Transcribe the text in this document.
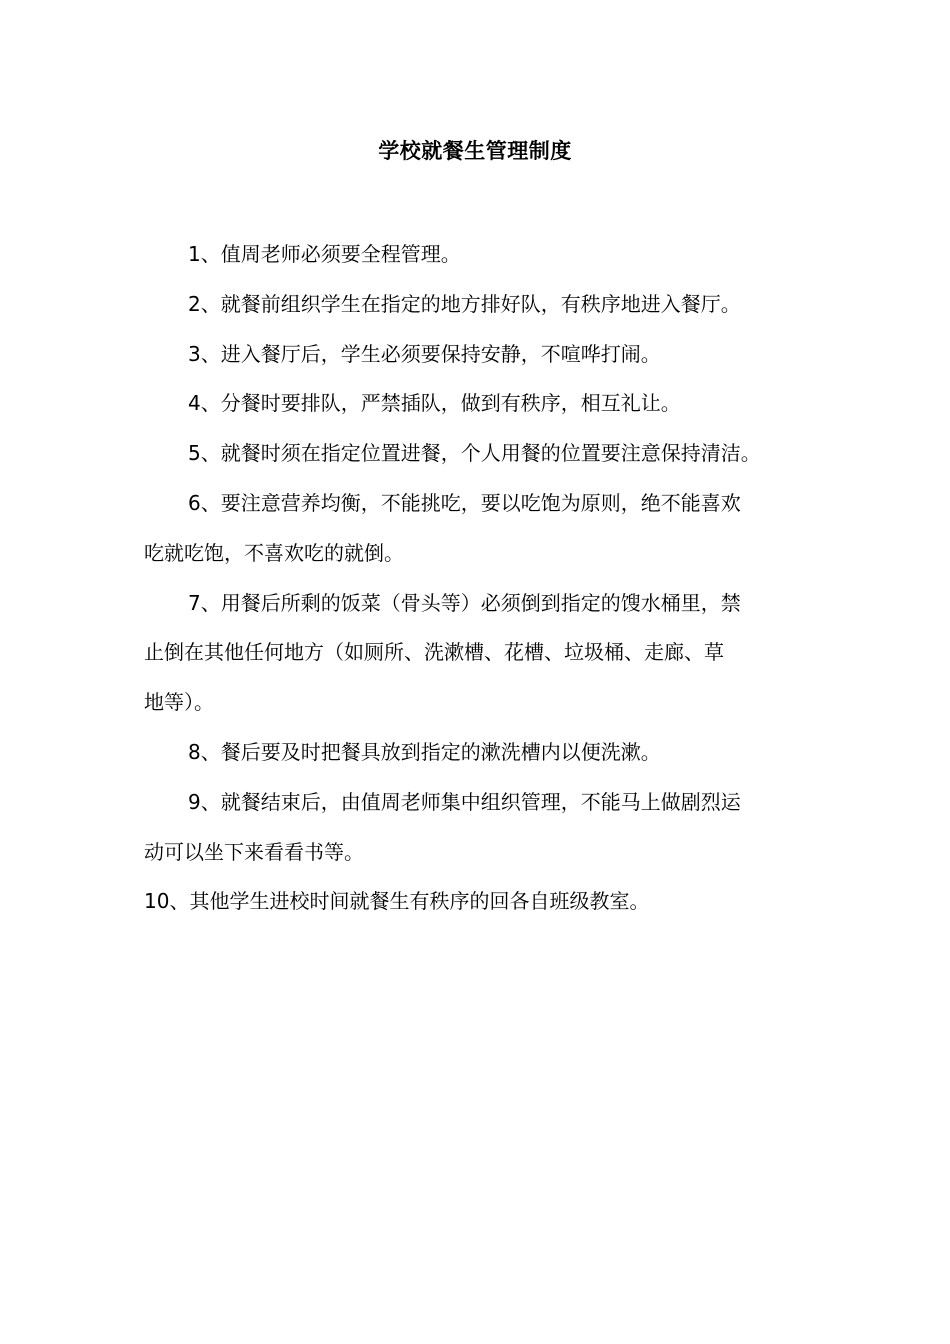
学校就餐生管理制度

1、值周老师必须要全程管理。

2、就餐前组织学生在指定的地方排好队，有秩序地进入餐厅。

3、进入餐厅后，学生必须要保持安静，不喧哗打闹。

4、分餐时要排队，严禁插队，做到有秩序，相互礼让。

5、就餐时须在指定位置进餐，个人用餐的位置要注意保持清洁。

6、要注意营养均衡，不能挑吃，要以吃饱为原则，绝不能喜欢
吃就吃饱，不喜欢吃的就倒。

7、用餐后所剩的饭菜（骨头等）必须倒到指定的馊水桶里，禁
止倒在其他任何地方（如厕所、洗漱槽、花槽、垃圾桶、走廊、草
地等）。

8、餐后要及时把餐具放到指定的漱洗槽内以便洗漱。

9、就餐结束后，由值周老师集中组织管理，不能马上做剧烈运
动可以坐下来看看书等。

10、其他学生进校时间就餐生有秩序的回各自班级教室。
